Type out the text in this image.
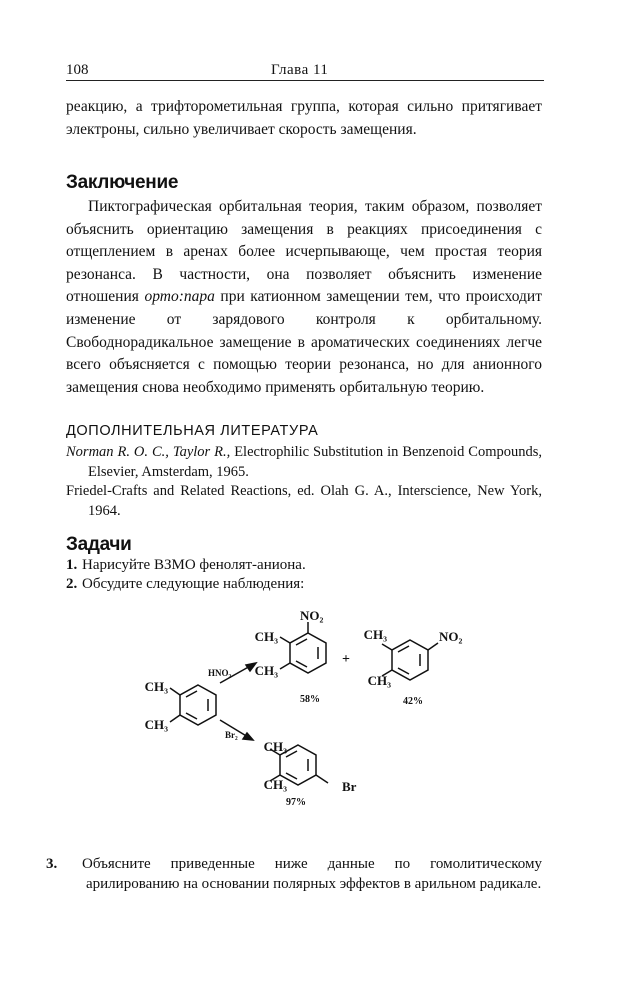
108	Глава 11
реакцию, а трифторометильная группа, которая сильно притягивает электроны, сильно увеличивает скорость замещения.
Заключение
Пиктографическая орбитальная теория, таким образом, позволяет объяснить ориентацию замещения в реакциях присоединения с отщеплением в аренах более исчерпывающе, чем простая теория резонанса. В частности, она позволяет объяснить изменение отношения орто:пара при катионном замещении тем, что происходит изменение от зарядового контроля к орбитальному. Свободнорадикальное замещение в ароматических соединениях легче всего объясняется с помощью теории резонанса, но для анионного замещения снова необходимо применять орбитальную теорию.
ДОПОЛНИТЕЛЬНАЯ ЛИТЕРАТУРА
Norman R. O. C., Taylor R., Electrophilic Substitution in Benzenoid Compounds, Elsevier, Amsterdam, 1965.
Friedel-Crafts and Related Reactions, ed. Olah G. A., Interscience, New York, 1964.
Задачи
1. Нарисуйте ВЗМО фенолят-аниона.
2. Обсудите следующие наблюдения:
CH₃
CH₃
HNO₃
Br₂
CH₃
CH₃
NO₂
58%
+
CH₃
CH₃
NO₂
42%
CH₃
CH₃	Br
97%
3. Объясните приведенные ниже данные по гомолитическому арилированию на основании полярных эффектов в арильном радикале.
